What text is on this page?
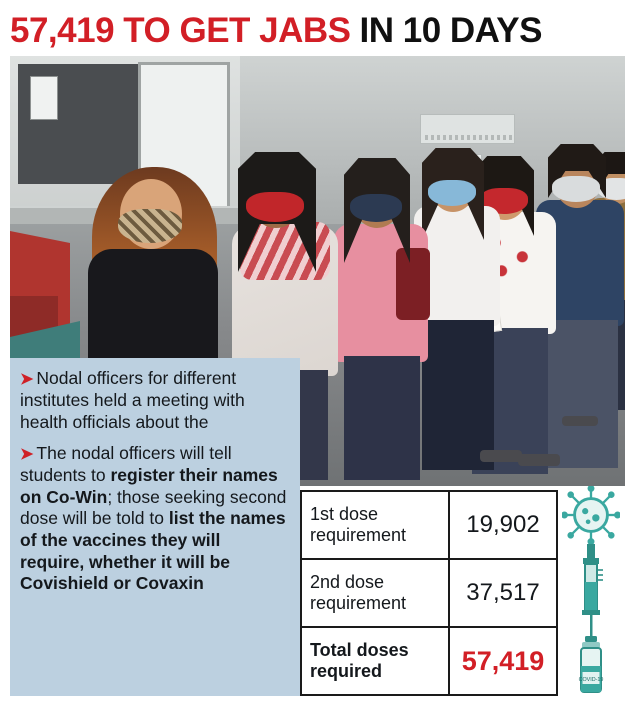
57,419 TO GET JABS IN 10 DAYS

➤ Nodal officers for different institutes held a meeting with health officials about the

➤ The nodal officers will tell students to register their names on Co-Win; those seeking second dose will be told to list the names of the vaccines they will require, whether it will be Covishield or Covaxin

1st dose requirement	19,902
2nd dose requirement	37,517
Total doses required	57,419
COVID-19
